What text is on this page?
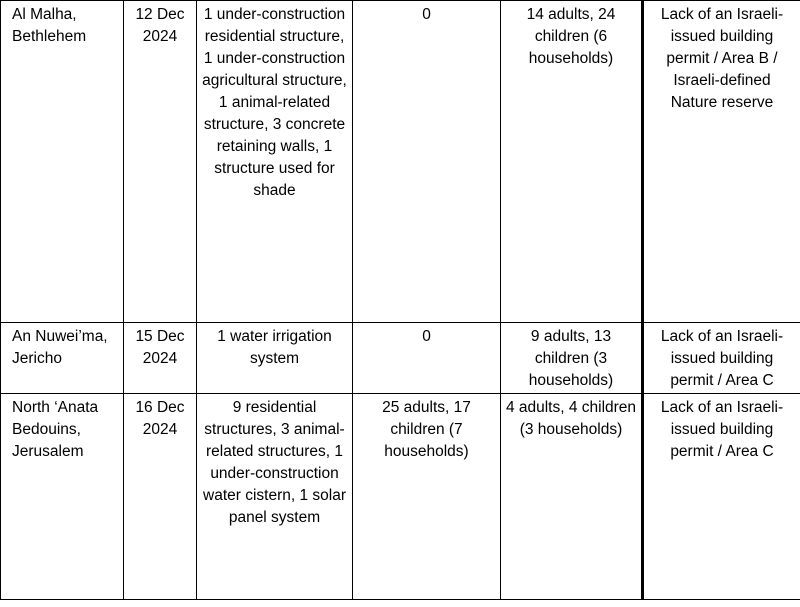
Al Malha, Bethlehem	12 Dec 2024	1 under-construction residential structure, 1 under-construction agricultural structure, 1 animal-related structure, 3 concrete retaining walls, 1 structure used for shade	0	14 adults, 24 children (6 households)	Lack of an Israeli-issued building permit / Area B / Israeli-defined Nature reserve
An Nuwei’ma, Jericho	15 Dec 2024	1 water irrigation system	0	9 adults, 13 children (3 households)	Lack of an Israeli-issued building permit / Area C
North ‘Anata Bedouins, Jerusalem	16 Dec 2024	9 residential structures, 3 animal-related structures, 1 under-construction water cistern, 1 solar panel system	25 adults, 17 children (7 households)	4 adults, 4 children (3 households)	Lack of an Israeli-issued building permit / Area C
